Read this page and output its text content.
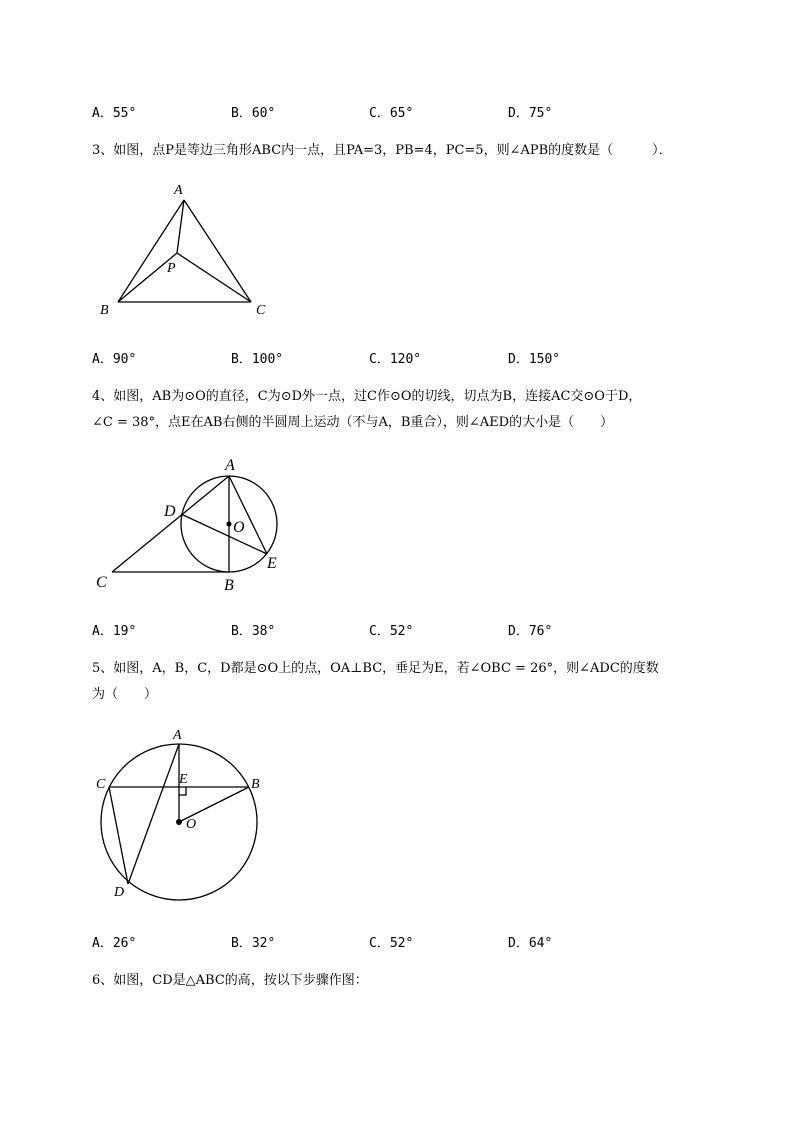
A．55°	B．60°	C．65°	D．75°
3、如图，点P是等边三角形ABC内一点，且PA=3，PB=4，PC=5，则∠APB的度数是（　　　）．
A
B	C
P
A．90°	B．100°	C．120°	D．150°
4、如图，AB为⊙O的直径，C为⊙D外一点，过C作⊙O的切线，切点为B，连接AC交⊙O于D，
∠C = 38°，点E在AB右侧的半圆周上运动（不与A，B重合），则∠AED的大小是（　　）
A
B
C
D
E
O
A．19°	B．38°	C．52°	D．76°
5、如图，A，B，C，D都是⊙O上的点，OA⊥BC，垂足为E，若∠OBC = 26°，则∠ADC的度数
为（　　）
A
B
C
D
E
O
A．26°	B．32°	C．52°	D．64°
6、如图，CD是△ABC的高，按以下步骤作图：
